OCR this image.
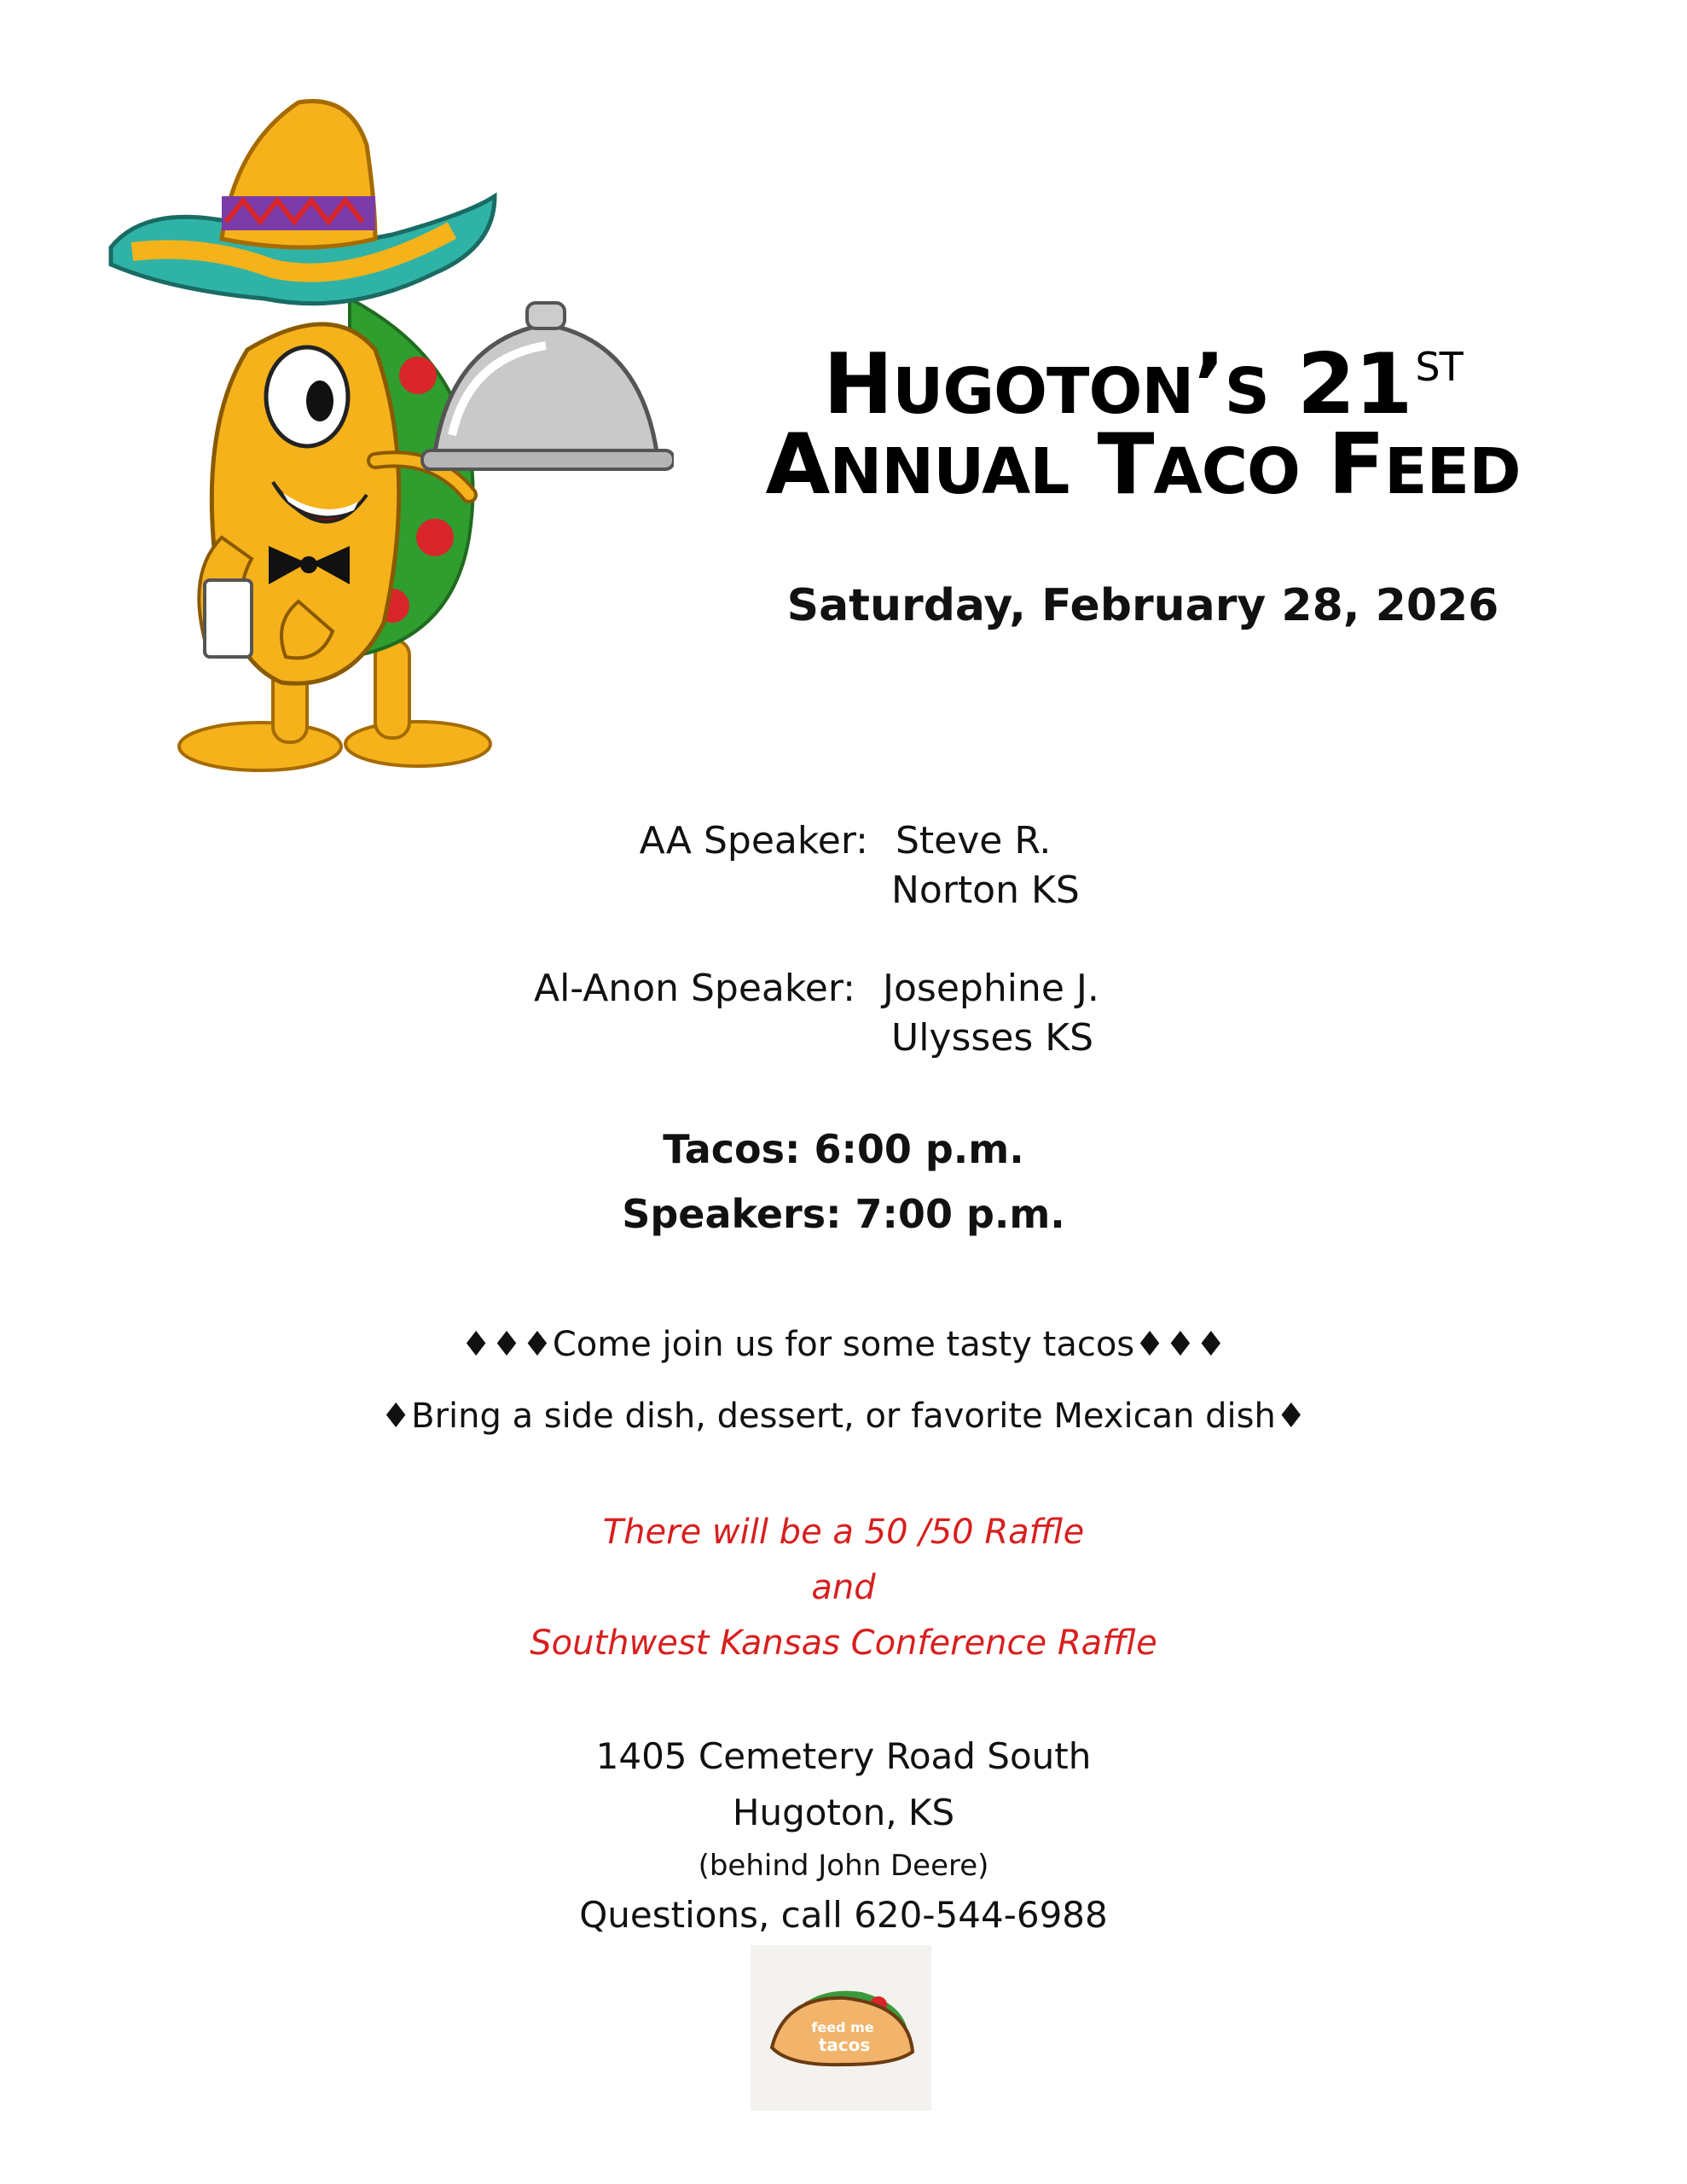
HUGOTON’S 21ST
ANNUAL TACO FEED
Saturday, February 28, 2026
AA Speaker: Steve R.
Norton KS
Al-Anon Speaker: Josephine J.
Ulysses KS
Tacos: 6:00 p.m.
Speakers: 7:00 p.m.
♦♦♦Come join us for some tasty tacos♦♦♦
♦Bring a side dish, dessert, or favorite Mexican dish♦
There will be a 50 /50 Raffle
and
Southwest Kansas Conference Raffle
1405 Cemetery Road South
Hugoton, KS
(behind John Deere)
Questions, call 620-544-6988
feed me
tacos
